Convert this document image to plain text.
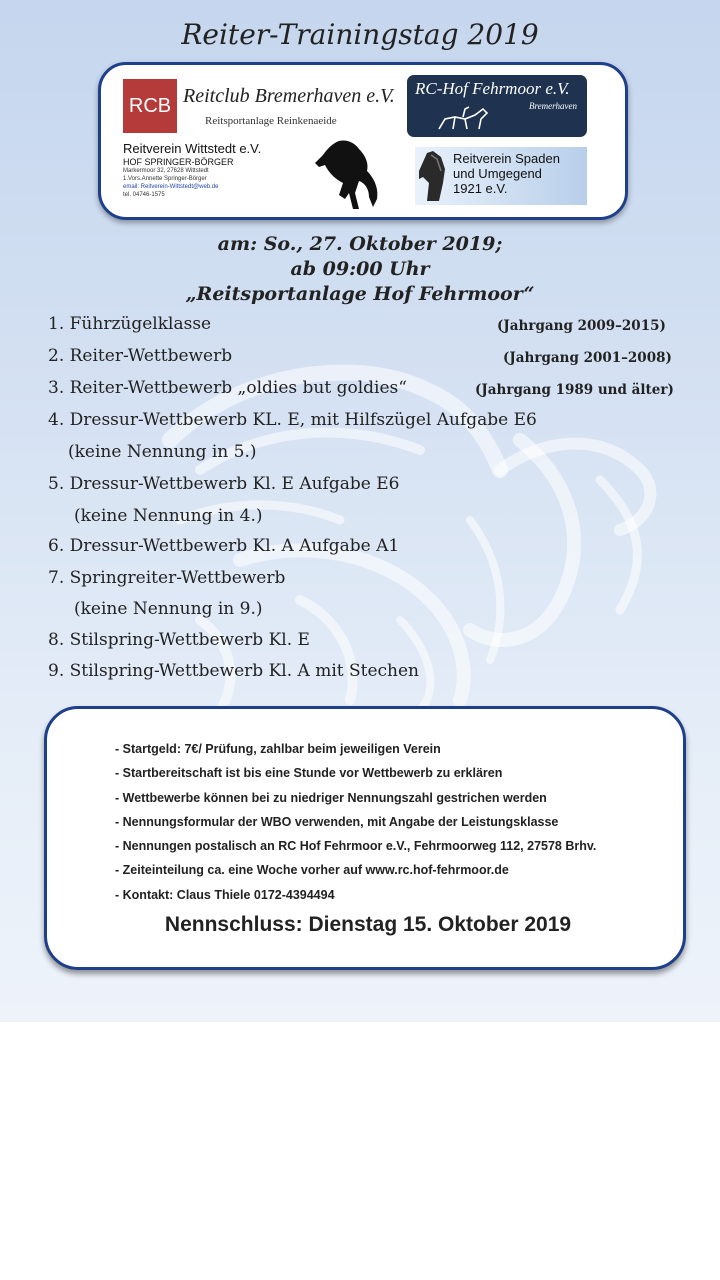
Reiter-Trainingstag 2019
RCB Reitclub Bremerhaven e.V.
Reitsportanlage Reinkenaeide
RC-Hof Fehrmoor e.V.
Bremerhaven
Reitverein Wittstedt e.V.
HOF SPRINGER-BÖRGER
Markermoor 32, 27628 Wittstedt
1.Vors.Annette Springer-Börger
email: Reitverein-Wittstedt@web.de
tel. 04746-1575
Reitverein Spaden
und Umgegend
1921 e.V.
am: So., 27. Oktober 2019;
ab 09:00 Uhr
„Reitsportanlage Hof Fehrmoor“
1. Führzügelklasse	(Jahrgang 2009–2015)
2. Reiter-Wettbewerb	(Jahrgang 2001–2008)
3. Reiter-Wettbewerb „oldies but goldies“	(Jahrgang 1989 und älter)
4. Dressur-Wettbewerb KL. E, mit Hilfszügel Aufgabe E6
(keine Nennung in 5.)
5. Dressur-Wettbewerb Kl. E Aufgabe E6
(keine Nennung in 4.)
6. Dressur-Wettbewerb Kl. A Aufgabe A1
7. Springreiter-Wettbewerb
(keine Nennung in 9.)
8. Stilspring-Wettbewerb Kl. E
9. Stilspring-Wettbewerb Kl. A mit Stechen
- Startgeld: 7€/ Prüfung, zahlbar beim jeweiligen Verein
- Startbereitschaft ist bis eine Stunde vor Wettbewerb zu erklären
- Wettbewerbe können bei zu niedriger Nennungszahl gestrichen werden
- Nennungsformular der WBO verwenden, mit Angabe der Leistungsklasse
- Nennungen postalisch an RC Hof Fehrmoor e.V., Fehrmoorweg 112, 27578 Brhv.
- Zeiteinteilung ca. eine Woche vorher auf www.rc.hof-fehrmoor.de
- Kontakt: Claus Thiele 0172-4394494
Nennschluss: Dienstag 15. Oktober 2019
